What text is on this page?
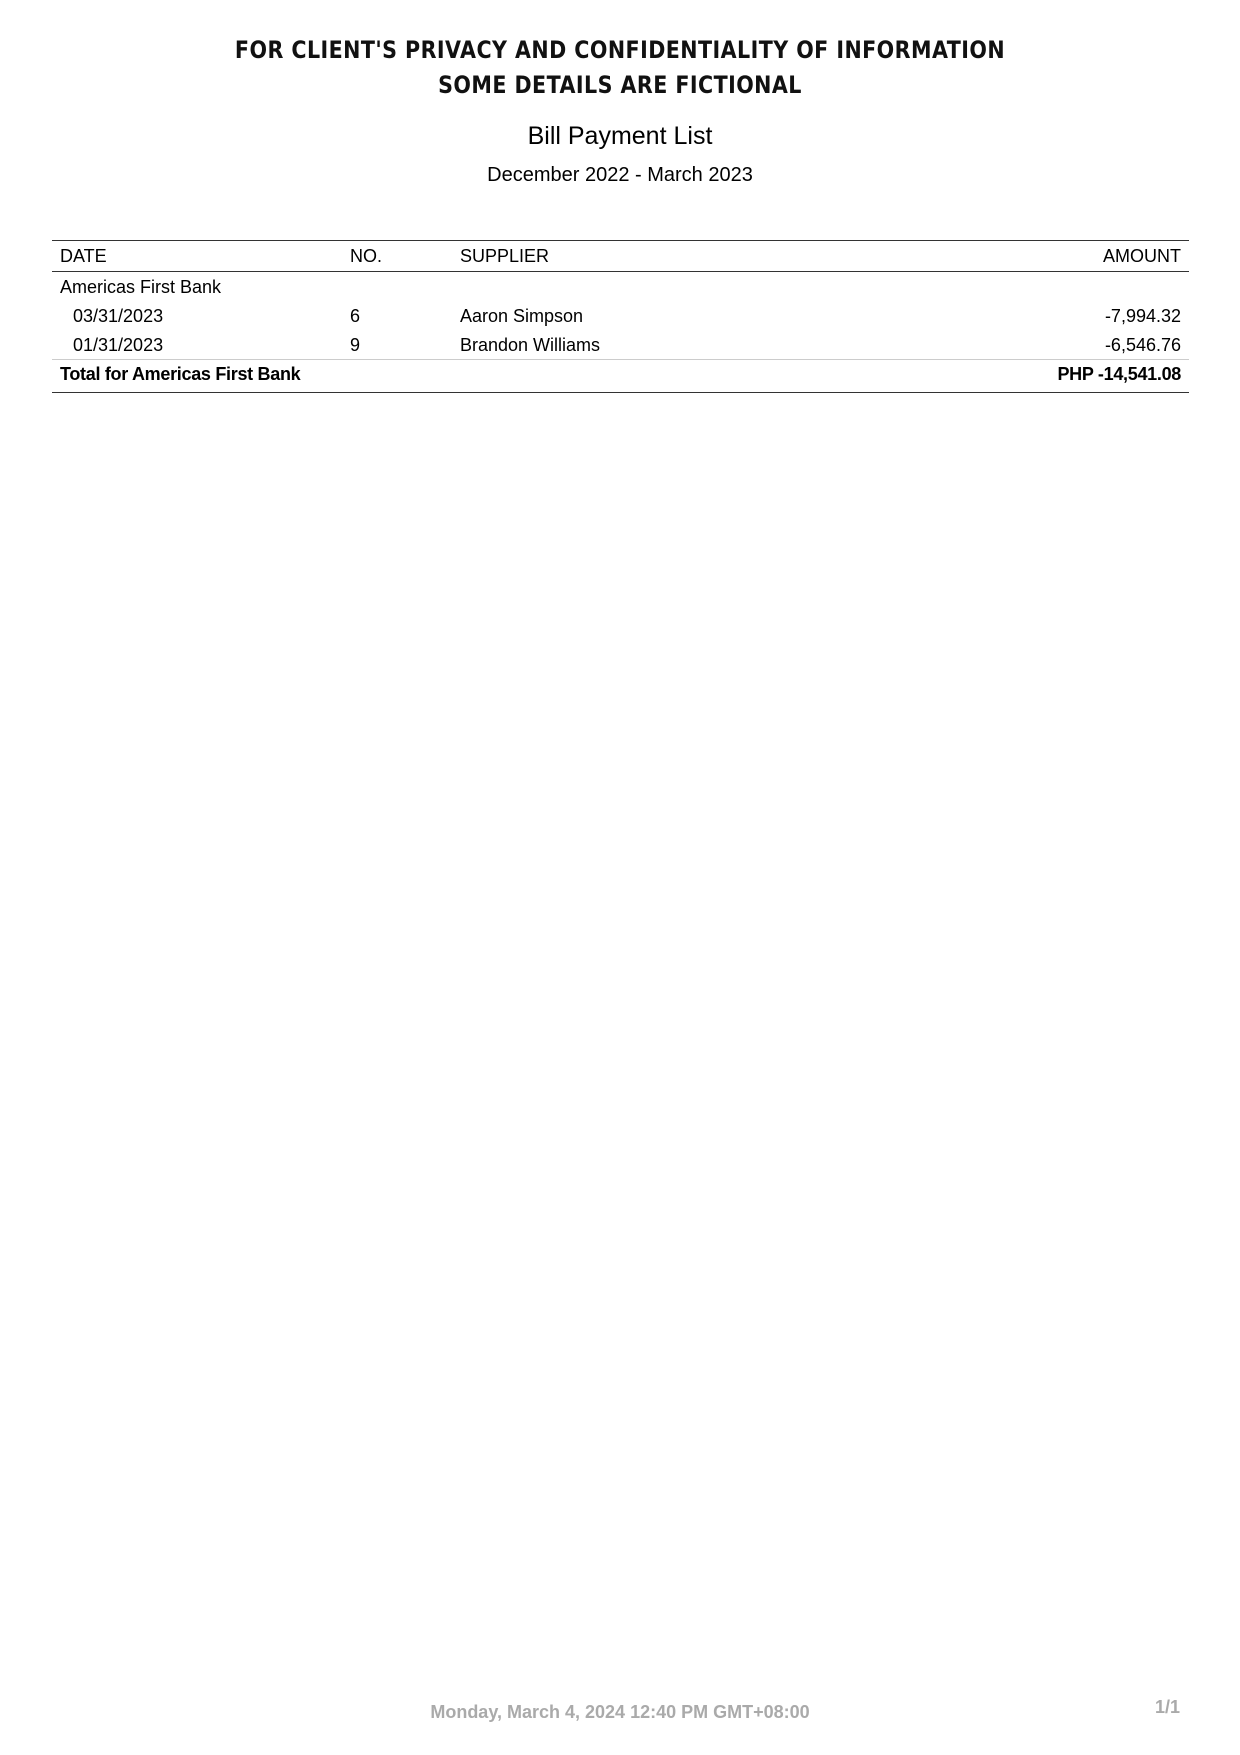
FOR CLIENT'S PRIVACY AND CONFIDENTIALITY OF INFORMATION
SOME DETAILS ARE FICTIONAL
Bill Payment List
December 2022 - March 2023
DATE	NO.	SUPPLIER	AMOUNT
Americas First Bank
03/31/2023	6	Aaron Simpson	-7,994.32
01/31/2023	9	Brandon Williams	-6,546.76
Total for Americas First Bank	PHP -14,541.08
Monday, March 4, 2024 12:40 PM GMT+08:00	1/1
